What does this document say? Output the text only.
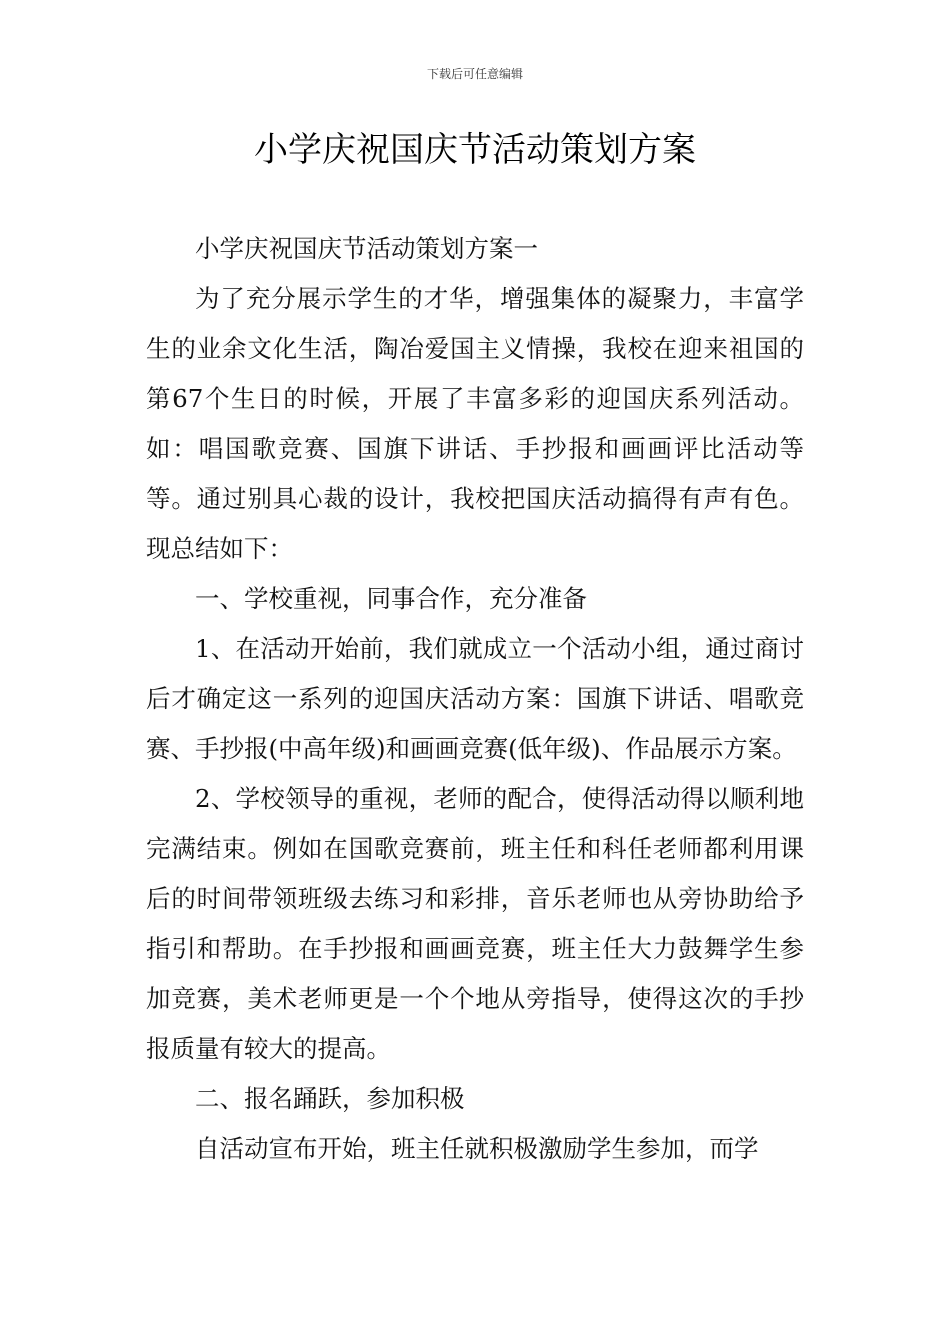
下载后可任意编辑
小学庆祝国庆节活动策划方案

小学庆祝国庆节活动策划方案一

为了充分展示学生的才华，增强集体的凝聚力，丰富学生的业余文化生活，陶冶爱国主义情操，我校在迎来祖国的第67个生日的时候，开展了丰富多彩的迎国庆系列活动。如：唱国歌竞赛、国旗下讲话、手抄报和画画评比活动等等。通过别具心裁的设计，我校把国庆活动搞得有声有色。现总结如下：

一、学校重视，同事合作，充分准备

1、在活动开始前，我们就成立一个活动小组，通过商讨后才确定这一系列的迎国庆活动方案：国旗下讲话、唱歌竞赛、手抄报(中高年级)和画画竞赛(低年级)、作品展示方案。

2、学校领导的重视，老师的配合，使得活动得以顺利地完满结束。例如在国歌竞赛前，班主任和科任老师都利用课后的时间带领班级去练习和彩排，音乐老师也从旁协助给予指引和帮助。在手抄报和画画竞赛，班主任大力鼓舞学生参加竞赛，美术老师更是一个个地从旁指导，使得这次的手抄报质量有较大的提高。

二、报名踊跃，参加积极

自活动宣布开始，班主任就积极激励学生参加，而学
